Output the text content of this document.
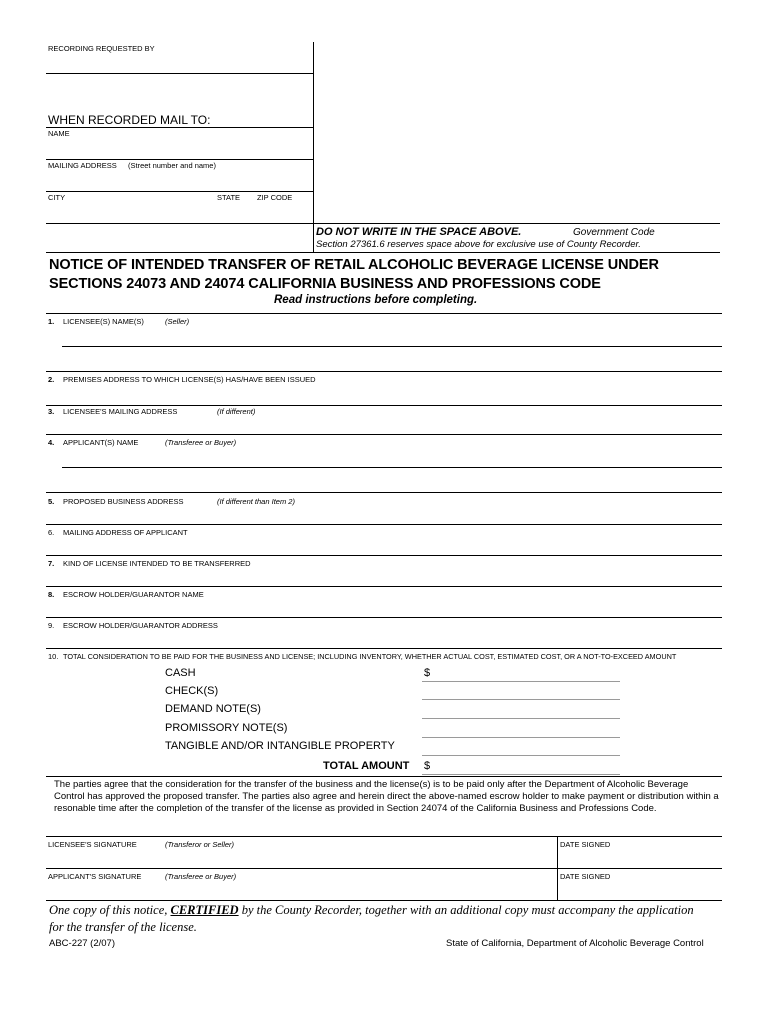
RECORDING REQUESTED BY
WHEN RECORDED MAIL TO:
NAME
MAILING ADDRESS (Street number and name)
CITY	STATE ZIP CODE
DO NOT WRITE IN THE SPACE ABOVE.	Government Code
Section 27361.6 reserves space above for exclusive use of County Recorder.
NOTICE OF INTENDED TRANSFER OF RETAIL ALCOHOLIC BEVERAGE LICENSE UNDER
SECTIONS 24073 AND 24074 CALIFORNIA BUSINESS AND PROFESSIONS CODE
Read instructions before completing.
1. LICENSEE(S) NAME(S)	(Seller)
2. PREMISES ADDRESS TO WHICH LICENSE(S) HAS/HAVE BEEN ISSUED
3. LICENSEE'S MAILING ADDRESS	(If different)
4. APPLICANT(S) NAME	(Transferee or Buyer)
5. PROPOSED BUSINESS ADDRESS	(If different than Item 2)
6. MAILING ADDRESS OF APPLICANT
7. KIND OF LICENSE INTENDED TO BE TRANSFERRED
8. ESCROW HOLDER/GUARANTOR NAME
9. ESCROW HOLDER/GUARANTOR ADDRESS
10. TOTAL CONSIDERATION TO BE PAID FOR THE BUSINESS AND LICENSE; INCLUDING INVENTORY, WHETHER ACTUAL COST, ESTIMATED COST, OR A NOT-TO-EXCEED AMOUNT
CASH	$
CHECK(S)
DEMAND NOTE(S)
PROMISSORY NOTE(S)
TANGIBLE AND/OR INTANGIBLE PROPERTY
TOTAL AMOUNT $
The parties agree that the consideration for the transfer of the business and the license(s) is to be paid only after the Department of Alcoholic Beverage Control has approved the proposed transfer. The parties also agree and herein direct the above-named escrow holder to make payment or distribution within a resonable time after the completion of the transfer of the license as provided in Section 24074 of the California Business and Professions Code.
LICENSEE'S SIGNATURE	(Transferor or Seller)	DATE SIGNED
APPLICANT'S SIGNATURE	(Transferee or Buyer)	DATE SIGNED
One copy of this notice, CERTIFIED by the County Recorder, together with an additional copy must accompany the application
for the transfer of the license.
ABC-227 (2/07)	State of California, Department of Alcoholic Beverage Control
